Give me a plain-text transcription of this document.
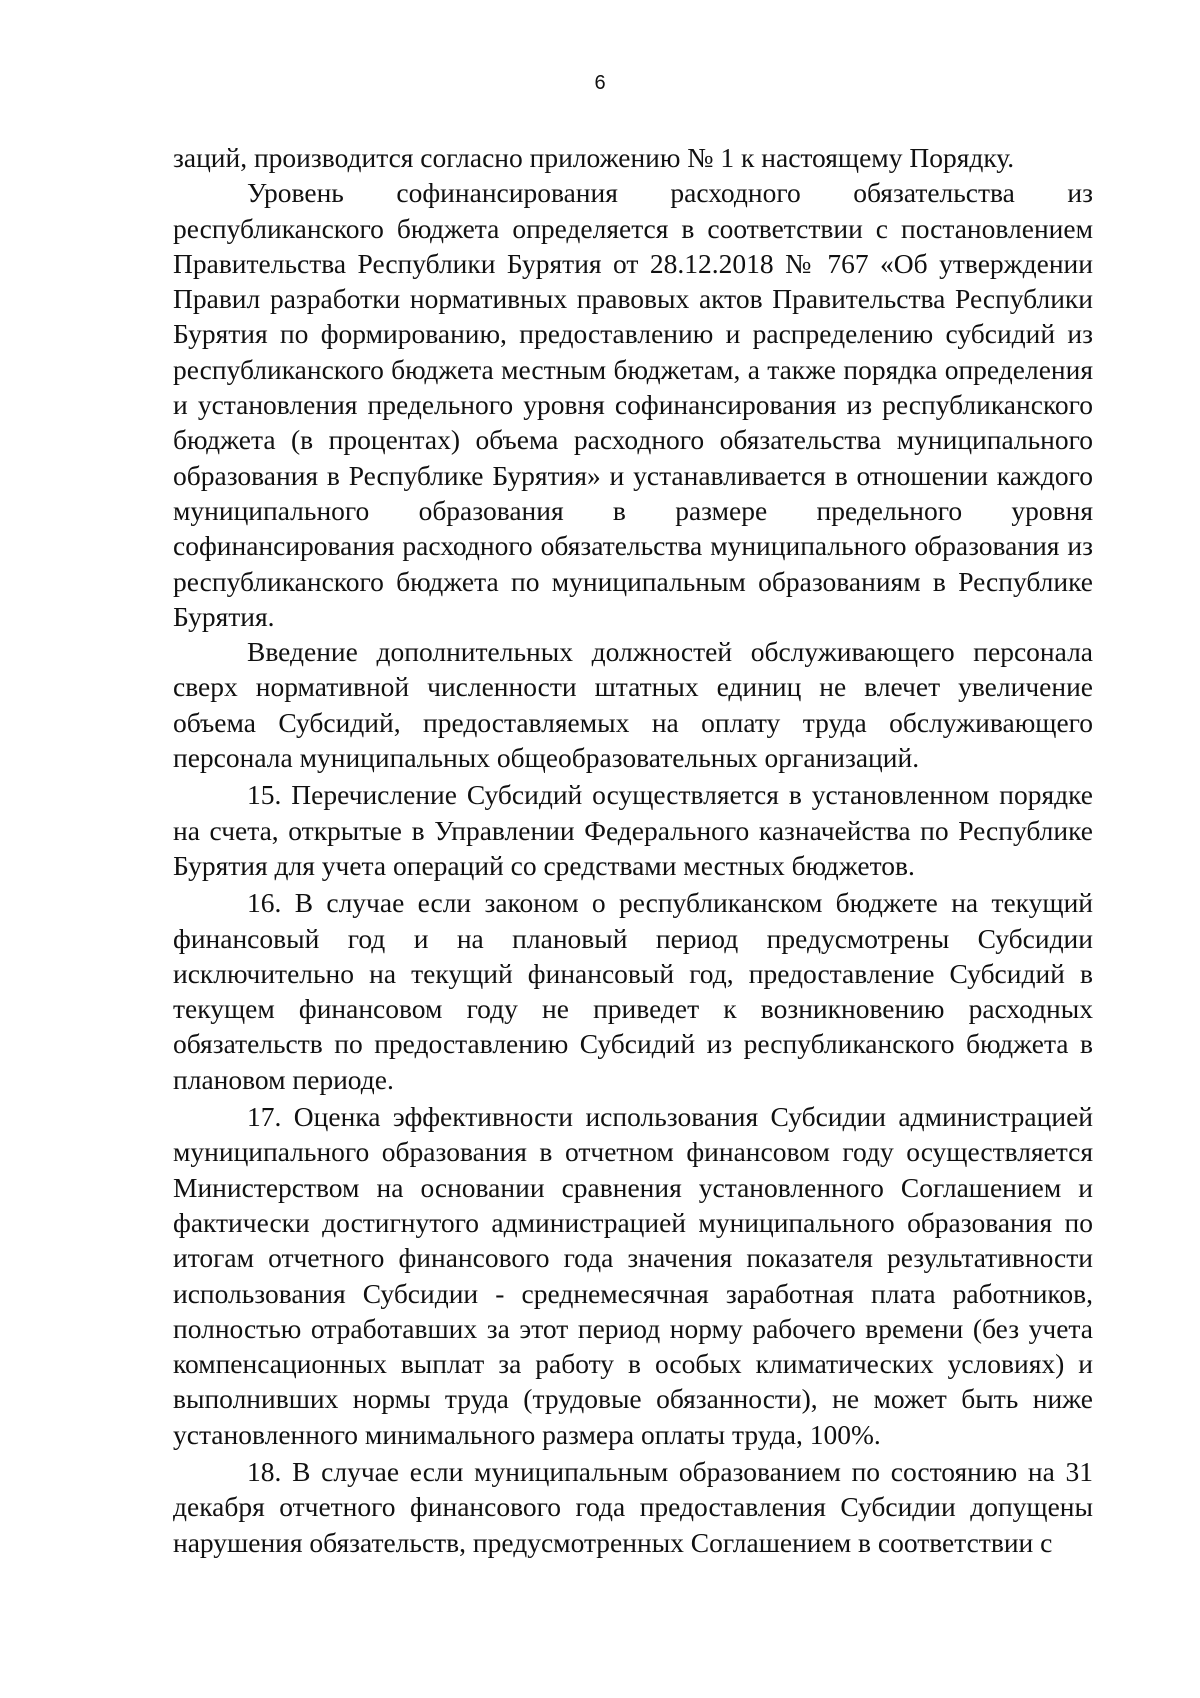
6

заций, производится согласно приложению № 1 к настоящему Порядку.

Уровень софинансирования расходного обязательства из республиканского бюджета определяется в соответствии с постановлением Правительства Республики Бурятия от 28.12.2018 № 767 «Об утверждении Правил разработки нормативных правовых актов Правительства Республики Бурятия по формированию, предоставлению и распределению субсидий из республиканского бюджета местным бюджетам, а также порядка определения и установления предельного уровня софинансирования из республиканского бюджета (в процентах) объема расходного обязательства муниципального образования в Республике Бурятия» и устанавливается в отношении каждого муниципального образования в размере предельного уровня софинансирования расходного обязательства муниципального образования из республиканского бюджета по муниципальным образованиям в Республике Бурятия.

Введение дополнительных должностей обслуживающего персонала сверх нормативной численности штатных единиц не влечет увеличение объема Субсидий, предоставляемых на оплату труда обслуживающего персонала муниципальных общеобразовательных организаций.

15. Перечисление Субсидий осуществляется в установленном порядке на счета, открытые в Управлении Федерального казначейства по Республике Бурятия для учета операций со средствами местных бюджетов.

16. В случае если законом о республиканском бюджете на текущий финансовый год и на плановый период предусмотрены Субсидии исключительно на текущий финансовый год, предоставление Субсидий в текущем финансовом году не приведет к возникновению расходных обязательств по предоставлению Субсидий из республиканского бюджета в плановом периоде.

17. Оценка эффективности использования Субсидии администрацией муниципального образования в отчетном финансовом году осуществляется Министерством на основании сравнения установленного Соглашением и фактически достигнутого администрацией муниципального образования по итогам отчетного финансового года значения показателя результативности использования Субсидии - среднемесячная заработная плата работников, полностью отработавших за этот период норму рабочего времени (без учета компенсационных выплат за работу в особых климатических условиях) и выполнивших нормы труда (трудовые обязанности), не может быть ниже установленного минимального размера оплаты труда, 100%.

18. В случае если муниципальным образованием по состоянию на 31 декабря отчетного финансового года предоставления Субсидии допущены нарушения обязательств, предусмотренных Соглашением в соответствии с
